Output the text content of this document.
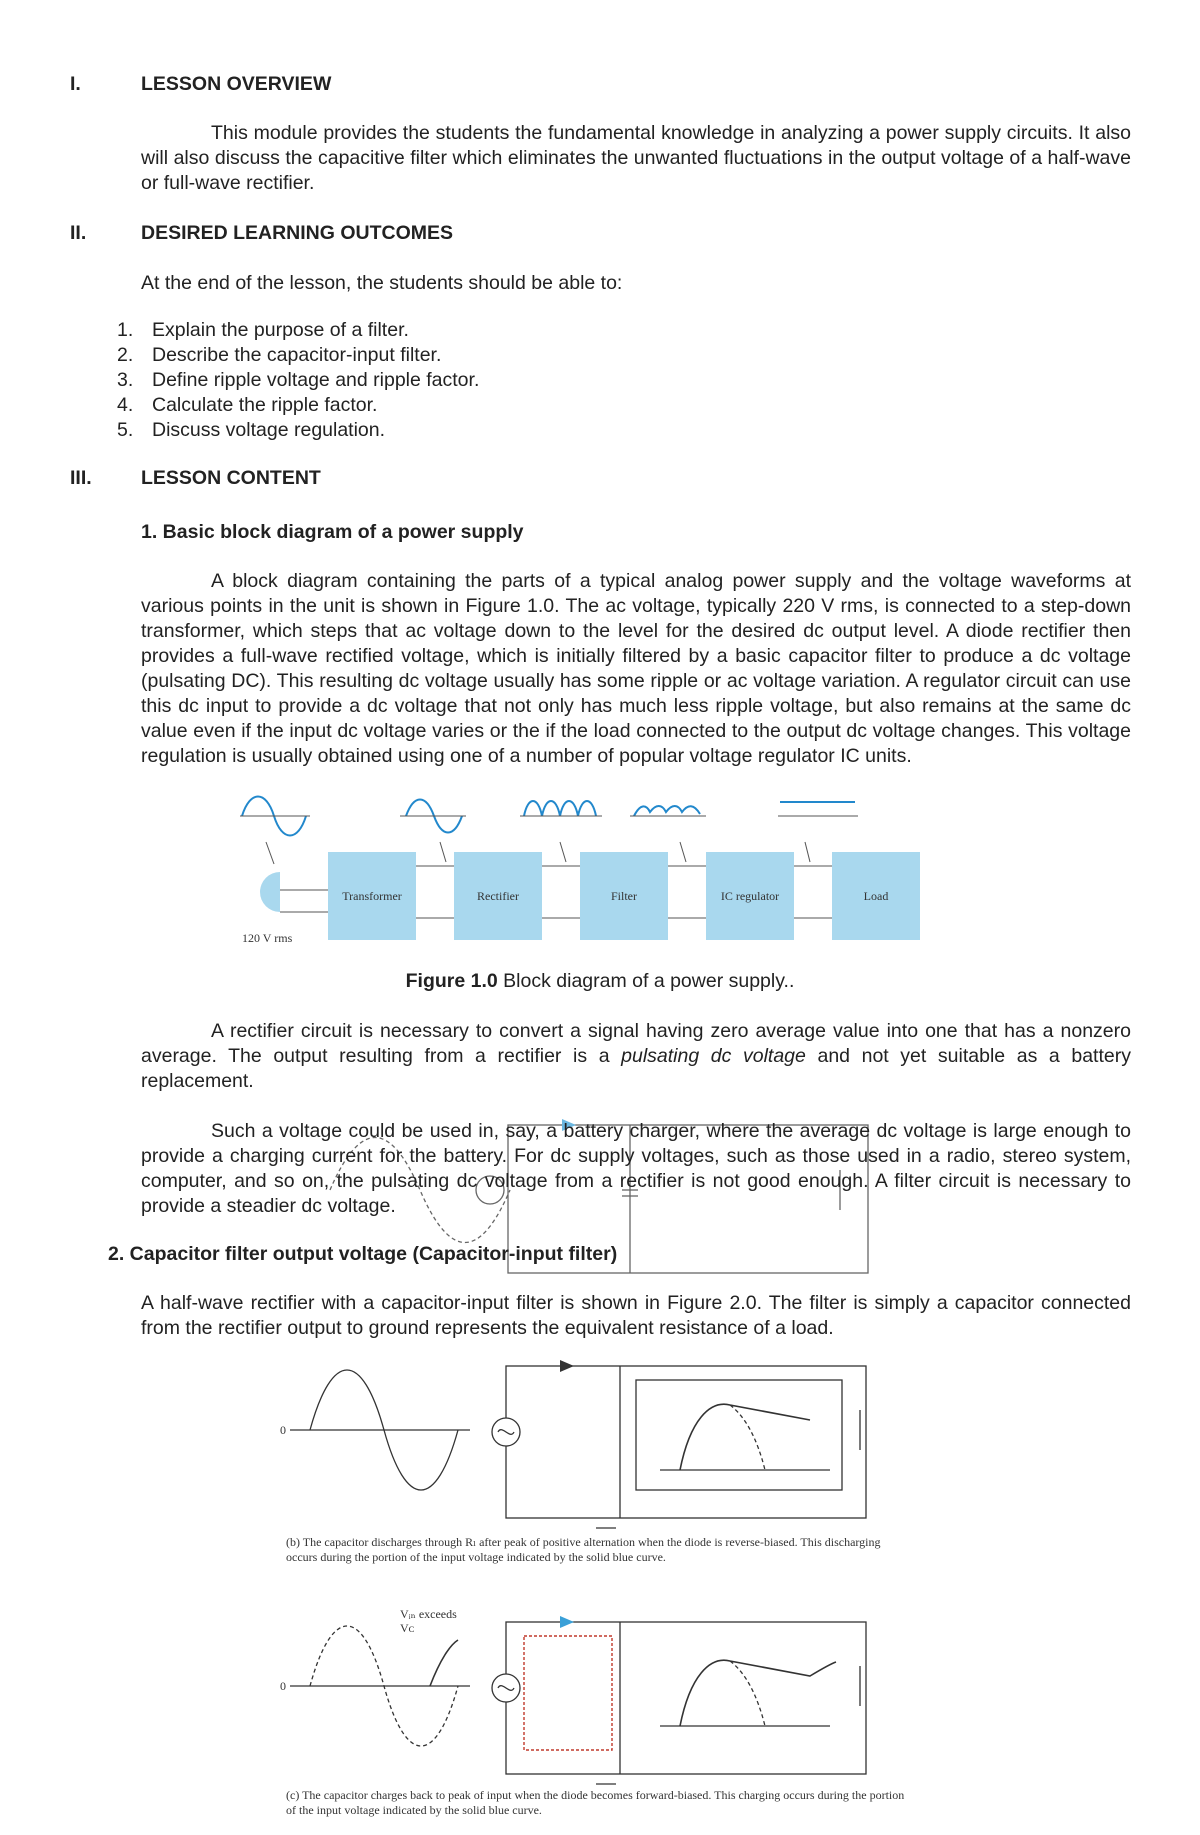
I.	LESSON OVERVIEW
This module provides the students the fundamental knowledge in analyzing a power supply circuits. It also will also discuss the capacitive filter which eliminates the unwanted fluctuations in the output voltage of a half-wave or full-wave rectifier.
II.	DESIRED LEARNING OUTCOMES
At the end of the lesson, the students should be able to:
1. Explain the purpose of a filter.
2. Describe the capacitor-input filter.
3. Define ripple voltage and ripple factor.
4. Calculate the ripple factor.
5. Discuss voltage regulation.
III.	LESSON CONTENT
1. Basic block diagram of a power supply
A block diagram containing the parts of a typical analog power supply and the voltage waveforms at various points in the unit is shown in Figure 1.0. The ac voltage, typically 220 V rms, is connected to a step-down transformer, which steps that ac voltage down to the level for the desired dc output level. A diode rectifier then provides a full-wave rectified voltage, which is initially filtered by a basic capacitor filter to produce a dc voltage (pulsating DC). This resulting dc voltage usually has some ripple or ac voltage variation. A regulator circuit can use this dc input to provide a dc voltage that not only has much less ripple voltage, but also remains at the same dc value even if the input dc voltage varies or the if the load connected to the output dc voltage changes. This voltage regulation is usually obtained using one of a number of popular voltage regulator IC units.
120 V rms
Transformer	Rectifier	Filter	IC regulator	Load
Figure 1.0 Block diagram of a power supply..
A rectifier circuit is necessary to convert a signal having zero average value into one that has a nonzero average. The output resulting from a rectifier is a pulsating dc voltage and not yet suitable as a battery replacement.
Such a voltage could be used in, say, a battery charger, where the average dc voltage is large enough to provide a charging current for the battery. For dc supply voltages, such as those used in a radio, stereo system, computer, and so on, the pulsating dc voltage from a rectifier is not good enough. A filter circuit is necessary to provide a steadier dc voltage.
2. Capacitor filter output voltage (Capacitor-input filter)
A half-wave rectifier with a capacitor-input filter is shown in Figure 2.0. The filter is simply a capacitor connected from the rectifier output to ground represents the equivalent resistance of a load.
0
(b) The capacitor discharges through Rₗ after peak of positive alternation when the diode is reverse-biased. This discharging occurs during the portion of the input voltage indicated by the solid blue curve.
Vᵢₙ exceeds
Vᴄ
0
(c) The capacitor charges back to peak of input when the diode becomes forward-biased. This charging occurs during the portion of the input voltage indicated by the solid blue curve.
